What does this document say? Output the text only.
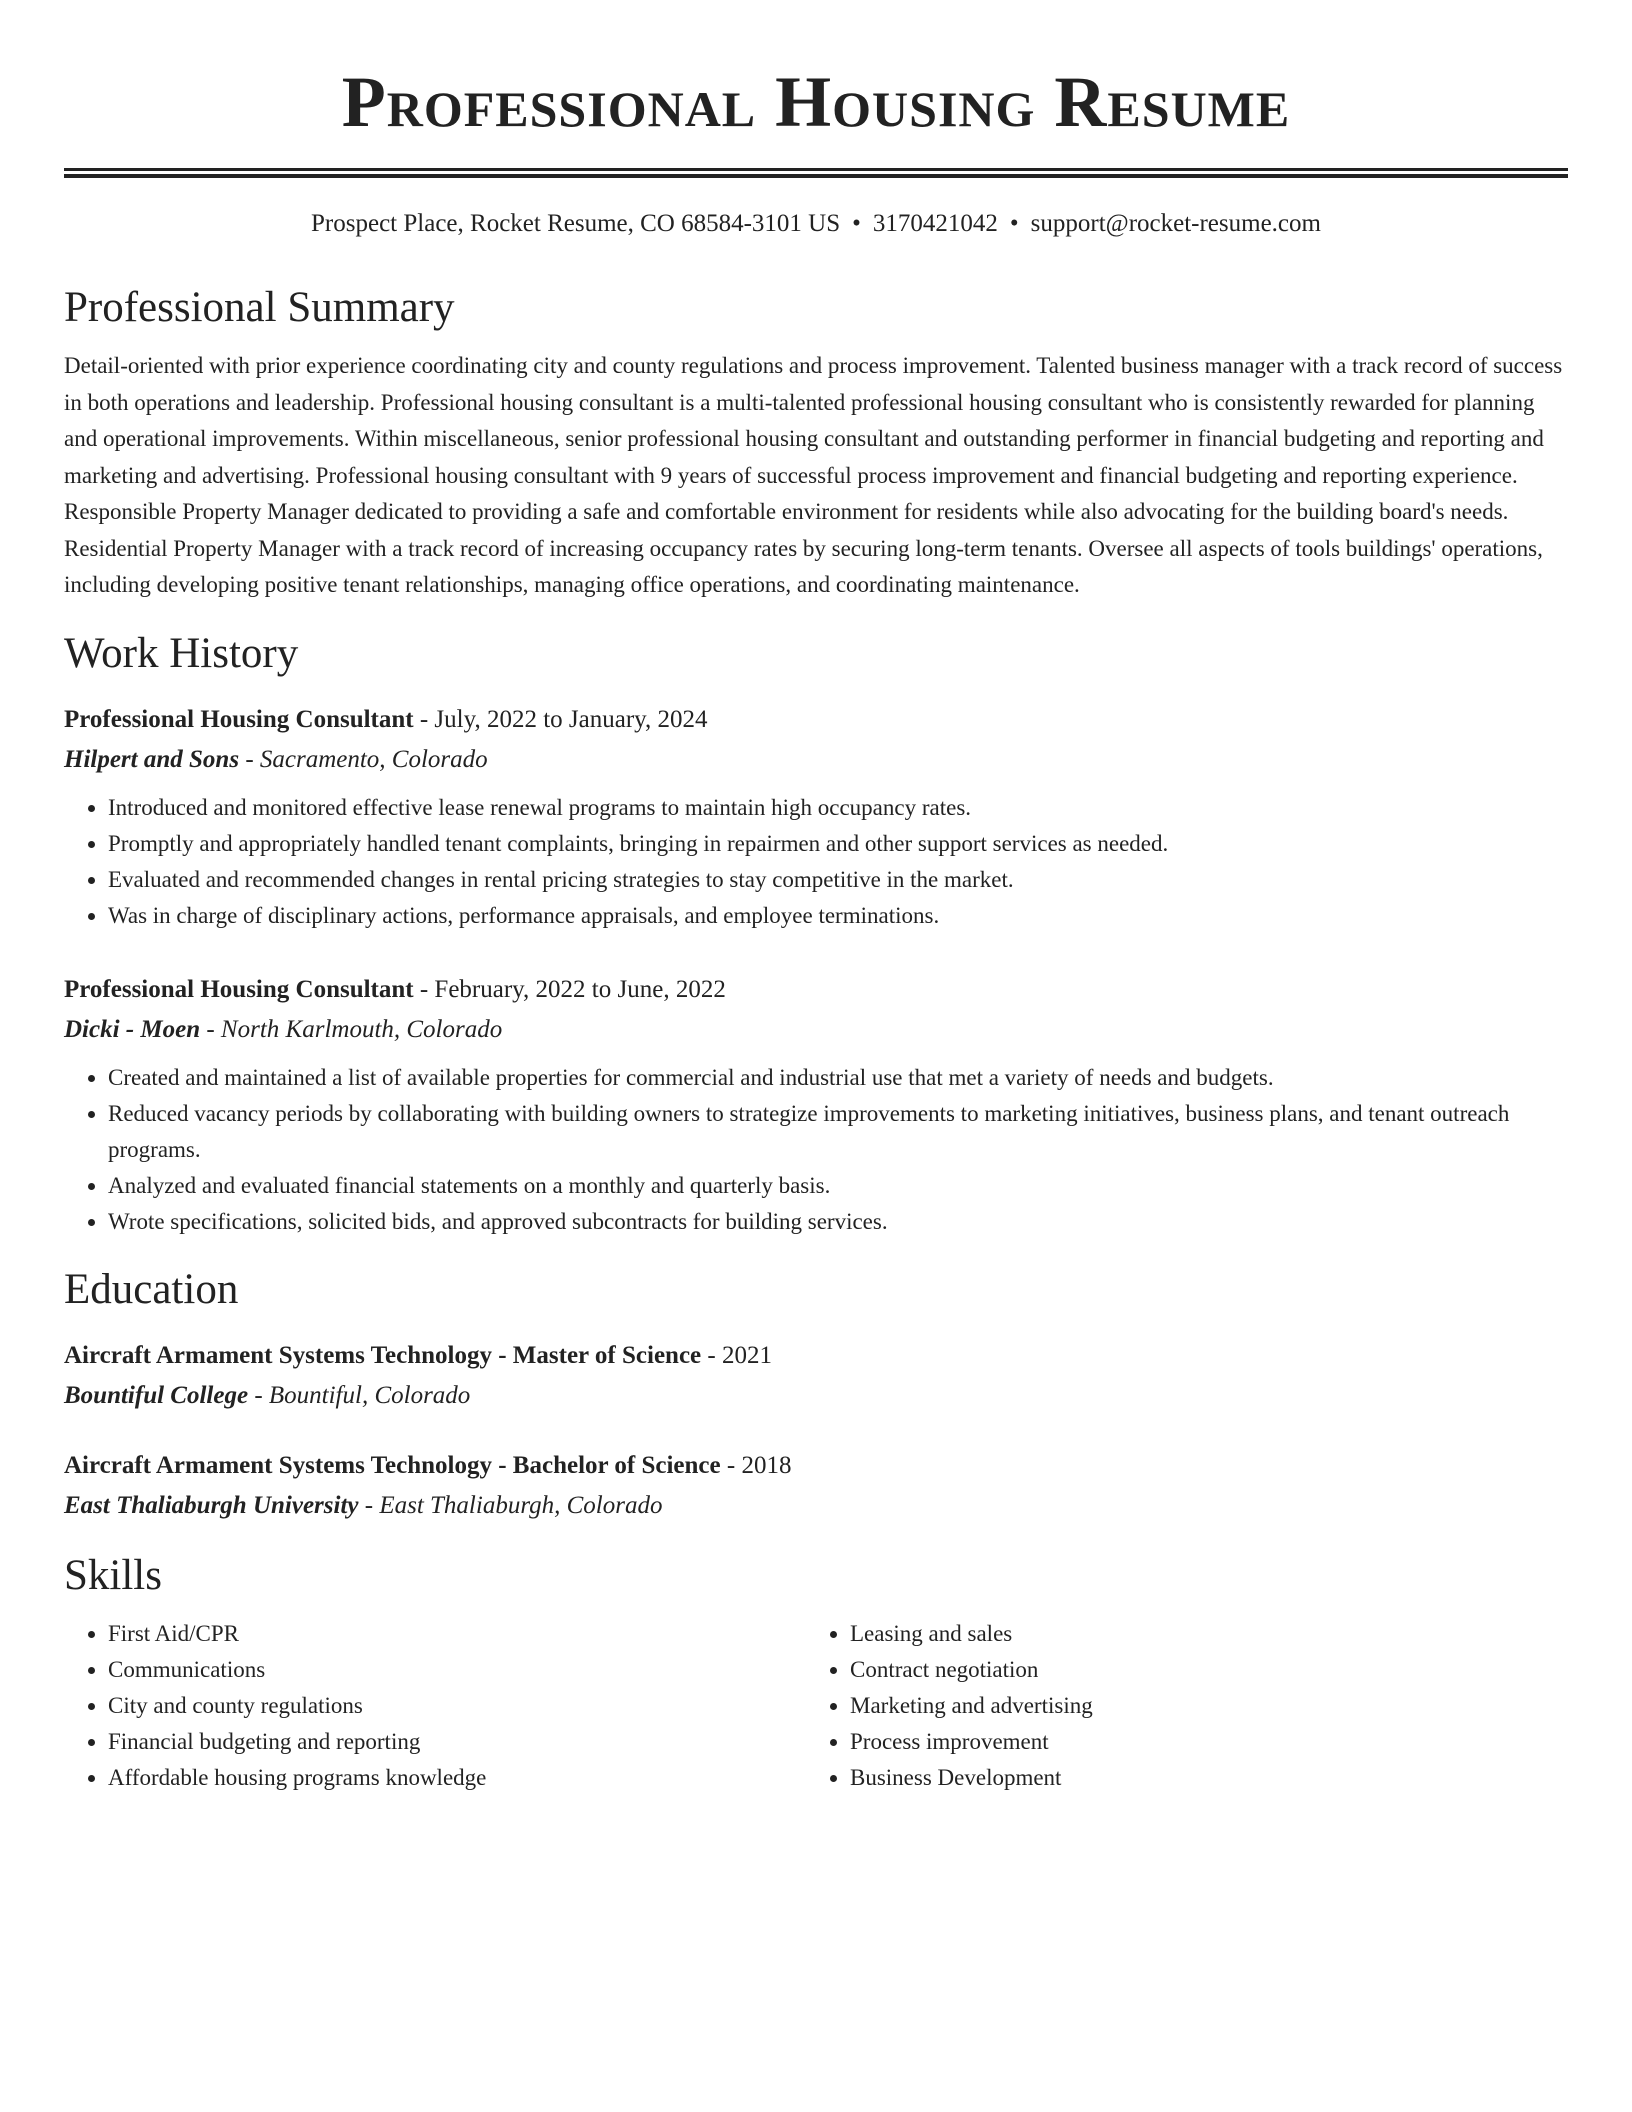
Professional Housing Resume
Prospect Place, Rocket Resume, CO 68584-3101 US • 3170421042 • support@rocket-resume.com
Professional Summary

Detail-oriented with prior experience coordinating city and county regulations and process improvement. Talented business manager with a track record of success in both operations and leadership. Professional housing consultant is a multi-talented professional housing consultant who is consistently rewarded for planning and operational improvements. Within miscellaneous, senior professional housing consultant and outstanding performer in financial budgeting and reporting and marketing and advertising. Professional housing consultant with 9 years of successful process improvement and financial budgeting and reporting experience. Responsible Property Manager dedicated to providing a safe and comfortable environment for residents while also advocating for the building board's needs. Residential Property Manager with a track record of increasing occupancy rates by securing long-term tenants. Oversee all aspects of tools buildings' operations, including developing positive tenant relationships, managing office operations, and coordinating maintenance.

Work History
Professional Housing Consultant - July, 2022 to January, 2024
Hilpert and Sons - Sacramento, Colorado
• Introduced and monitored effective lease renewal programs to maintain high occupancy rates.
• Promptly and appropriately handled tenant complaints, bringing in repairmen and other support services as needed.
• Evaluated and recommended changes in rental pricing strategies to stay competitive in the market.
• Was in charge of disciplinary actions, performance appraisals, and employee terminations.
Professional Housing Consultant - February, 2022 to June, 2022
Dicki - Moen - North Karlmouth, Colorado
• Created and maintained a list of available properties for commercial and industrial use that met a variety of needs and budgets.
• Reduced vacancy periods by collaborating with building owners to strategize improvements to marketing initiatives, business plans, and tenant outreach programs.
• Analyzed and evaluated financial statements on a monthly and quarterly basis.
• Wrote specifications, solicited bids, and approved subcontracts for building services.
Education
Aircraft Armament Systems Technology - Master of Science - 2021
Bountiful College - Bountiful, Colorado
Aircraft Armament Systems Technology - Bachelor of Science - 2018
East Thaliaburgh University - East Thaliaburgh, Colorado
Skills
• First Aid/CPR
• Communications
• City and county regulations
• Financial budgeting and reporting
• Affordable housing programs knowledge
• Leasing and sales
• Contract negotiation
• Marketing and advertising
• Process improvement
• Business Development
